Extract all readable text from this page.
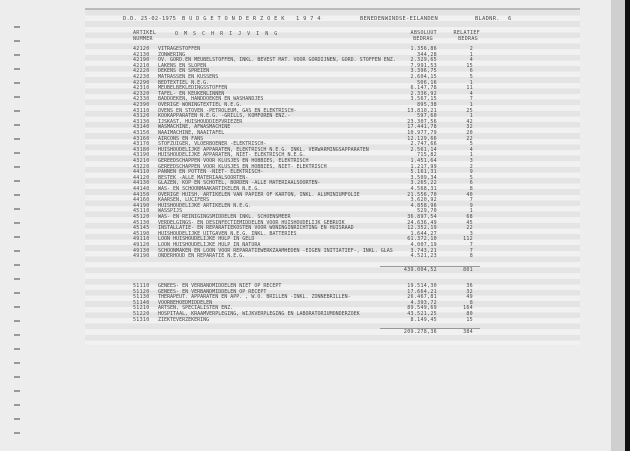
D.D. 25-02-1975 B U D G E T O N D E R Z O E K 1 9 7 4	BENEDENWINDSE-EILANDEN	BLADNR. 6
ARTIKEL
NUMMER
O M S C H R I J V I N G	ABSOLUUT
BEDRAG
RELATIEF
BEDRAG
42120 VITRAGESTOFFEN	1.356,86	2
42130 ZONWERING	344,28	1
42190 OV. GORD.EN MEUBELSTOFFEN, INKL. BEVEST MAT. VOOR GORDIJNEN, GORD. STOFFEN ENZ.	2.329,65	4
42210 LAKENS EN SLOPEN	7.991,53	15
42220 DEKENS EN SPREIEN	3.396,75	6
42230 MATRASSEN EN KUSSENS	2.604,15	5
42290 BEDTEXTIEL N.E.G.	506,16	1
42310 MEUBELBEKLEDINGSSTOFFEN	6.147,78	11
42320 TAFEL- EN KEUKENLINNEN	2.336,92	4
42330 BADDOEKEN, HANDDOEKEN EN WASHANDJES	3.567,15	7
42390 OVERIGE WONINGTEXTIEL N.E.G.	895,38	1
43110 OVENS EN STOVEN -PETROLEUM, GAS EN ELEKTRISCH-	13.810,21	25
43120 KOOKAPPARATEN N.E.G. -GRILLS, KOMFOREN ENZ.-	597,60	1
43130 IJSKAST, HUISHOUDDIEPVRIEZER	23.307,56	42
43140 WASMACHINE, AFWASMACHINE	17.441,78	32
43150 NAAIMACHINE, NAAITAFEL	10.977,79	20
43160 AIRCONS EN FANS	12.129,66	22
43170 STOFZUIGER, VLOERBOENER -ELEKTRISCH-	2.747,66	5
43180 HUISHOUDELIJKE APPARATEN, ELEKTRISCH N.E.G. INKL. VERWARMINGSAPPARATEN	2.561,14	4
43190 HUISHOUDELIJKE APPARATEN, NIET- ELEKTRISCH N.E.G.	715,82	1
43210 GEREEDSCHAPPEN VOOR KLUSJES EN HOBBIES, ELEKTRISCH	1.451,64	3
43220 GEREEDSCHAPPEN VOOR KLUSJES EN HOBBIES, NIET- ELEKTRISCH	1.217,99	2
44110 PANNEN EN POTTEN -NIET- ELEKTRISCH-	5.161,31	9
44120 BESTEK -ALLE MATERIAALSOORTEN-	3.509,34	5
44130 GLAZEN, KOP EN SCHOTEL, BORDEN -ALLE MATERIAALSOORTEN-	3.265,22	6
44140 WAS- EN SCHOONMAAKARTIKELEN N.E.G.	4.568,31	8
44150 OVERIGE HUISH. ARTIKELEN VAN PAPIER OF KARTON, INKL. ALUMINIUMFOLIE	21.556,70	40
44160 KAARSEN, LUCIFERS	3.620,92	7
44190 HUISHOUDELIJKE ARTIKELEN N.E.G.	4.858,96	9
45110 WASSPIJS	529,70	1
45120 WAS- EN REINIGINGSMIDDELEN INKL. SCHOENSMEER	36.897,54	68
45130 VERDELGINGS- EN DESINFECTIEMIDDELEN VOOR HUISHOUDELIJK GEBRUIK	24.636,49	45
45145 INSTALLATIE- EN REPARATIEKOSTEN VOOR WONINGINRICHTING EN HUISRAAD	12.352,19	22
45190 HUISHOUDELIJKE UITGAVEN N.E.G. INKL. BATTERIES	1.644,27	3
49110 LOON HUISHOUDELIJKE HULP IN GELD	61.372,10	112
49120 LOON HUISHOUDELIJKE HULP IN NATURA	4.007,19	7
49130 SCHOONMAKEN EN LOON VOOR REPARATIEWERKZAAMHEDEN -EIGEN INITIATIEF-, INKL. GLAS	3.743,21	7
49190 ONDERHOUD EN REPARATIE N.E.G.	4.521,23	8
439.004,52	801
51110 GENEES- EN VERBANDMIDDELEN NIET OP RECEPT	19.514,30	36
51120 GENEES- EN VERBANDMIDDELEN OP RECEPT	17.664,21	32
51130 THERAPEUT. APPARATEN EN APP. , W.O. BRILLEN -INKL. ZONNEBRILLEN-	26.467,81	49
51140 VOORBEHOEDMIDDELEN	4.393,72	8
51210 ARTSEN, SPECIALISTEN ENZ.	89.549,69	164
51220 HOSPITAAL, KRAAMVERPLEGING, WIJKVERPLEGING EN LABORATORIUMONDERZOEK	43.521,25	80
51310 ZIEKTEVERZEKERING	8.149,45	15
209.278,36	384
